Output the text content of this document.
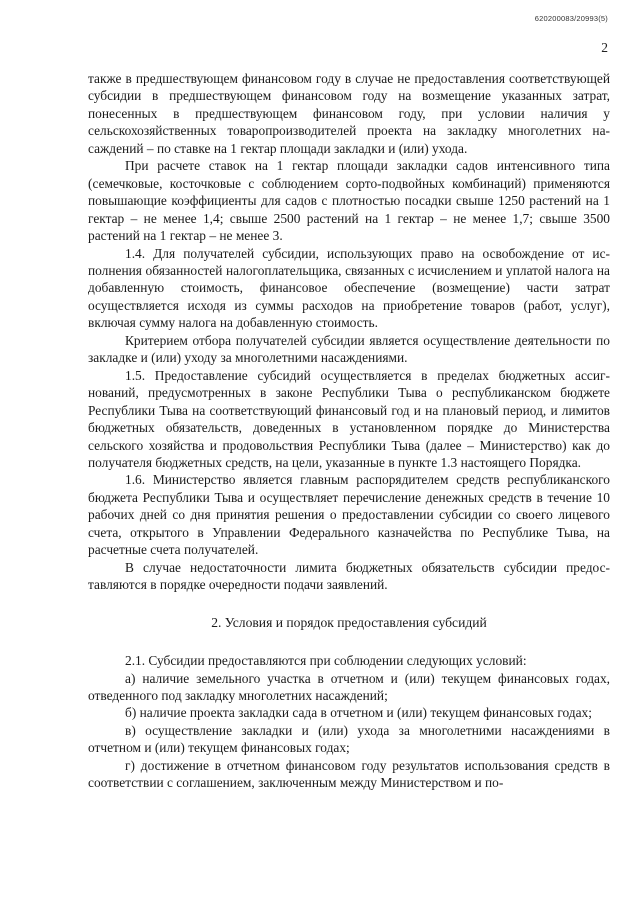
620200083/20993(5)
2

также в предшествующем финансовом году в случае не предоставления соответствующей субсидии в предшествующем финансовом году на возмещение указанных затрат, понесенных в предшествующем финансовом году, при условии наличия у сельскохозяйственных товаропроизводителей проекта на закладку многолетних насаждений – по ставке на 1 гектар площади закладки и (или) ухода.

При расчете ставок на 1 гектар площади закладки садов интенсивного типа (семечковые, косточковые с соблюдением сорто-подвойных комбинаций) применяются повышающие коэффициенты для садов с плотностью посадки свыше 1250 растений на 1 гектар – не менее 1,4; свыше 2500 растений на 1 гектар – не менее 1,7; свыше 3500 растений на 1 гектар – не менее 3.

1.4. Для получателей субсидии, использующих право на освобождение от исполнения обязанностей налогоплательщика, связанных с исчислением и уплатой налога на добавленную стоимость, финансовое обеспечение (возмещение) части затрат осуществляется исходя из суммы расходов на приобретение товаров (работ, услуг), включая сумму налога на добавленную стоимость.

Критерием отбора получателей субсидии является осуществление деятельности по закладке и (или) уходу за многолетними насаждениями.

1.5. Предоставление субсидий осуществляется в пределах бюджетных ассигнований, предусмотренных в законе Республики Тыва о республиканском бюджете Республики Тыва на соответствующий финансовый год и на плановый период, и лимитов бюджетных обязательств, доведенных в установленном порядке до Министерства сельского хозяйства и продовольствия Республики Тыва (далее – Министерство) как до получателя бюджетных средств, на цели, указанные в пункте 1.3 настоящего Порядка.

1.6. Министерство является главным распорядителем средств республиканского бюджета Республики Тыва и осуществляет перечисление денежных средств в течение 10 рабочих дней со дня принятия решения о предоставлении субсидии со своего лицевого счета, открытого в Управлении Федерального казначейства по Республике Тыва, на расчетные счета получателей.

В случае недостаточности лимита бюджетных обязательств субсидии предоставляются в порядке очередности подачи заявлений.

2. Условия и порядок предоставления субсидий

2.1. Субсидии предоставляются при соблюдении следующих условий:

а) наличие земельного участка в отчетном и (или) текущем финансовых годах, отведенного под закладку многолетних насаждений;

б) наличие проекта закладки сада в отчетном и (или) текущем финансовых годах;

в) осуществление закладки и (или) ухода за многолетними насаждениями в отчетном и (или) текущем финансовых годах;

г) достижение в отчетном финансовом году результатов использования средств в соответствии с соглашением, заключенным между Министерством и по-
